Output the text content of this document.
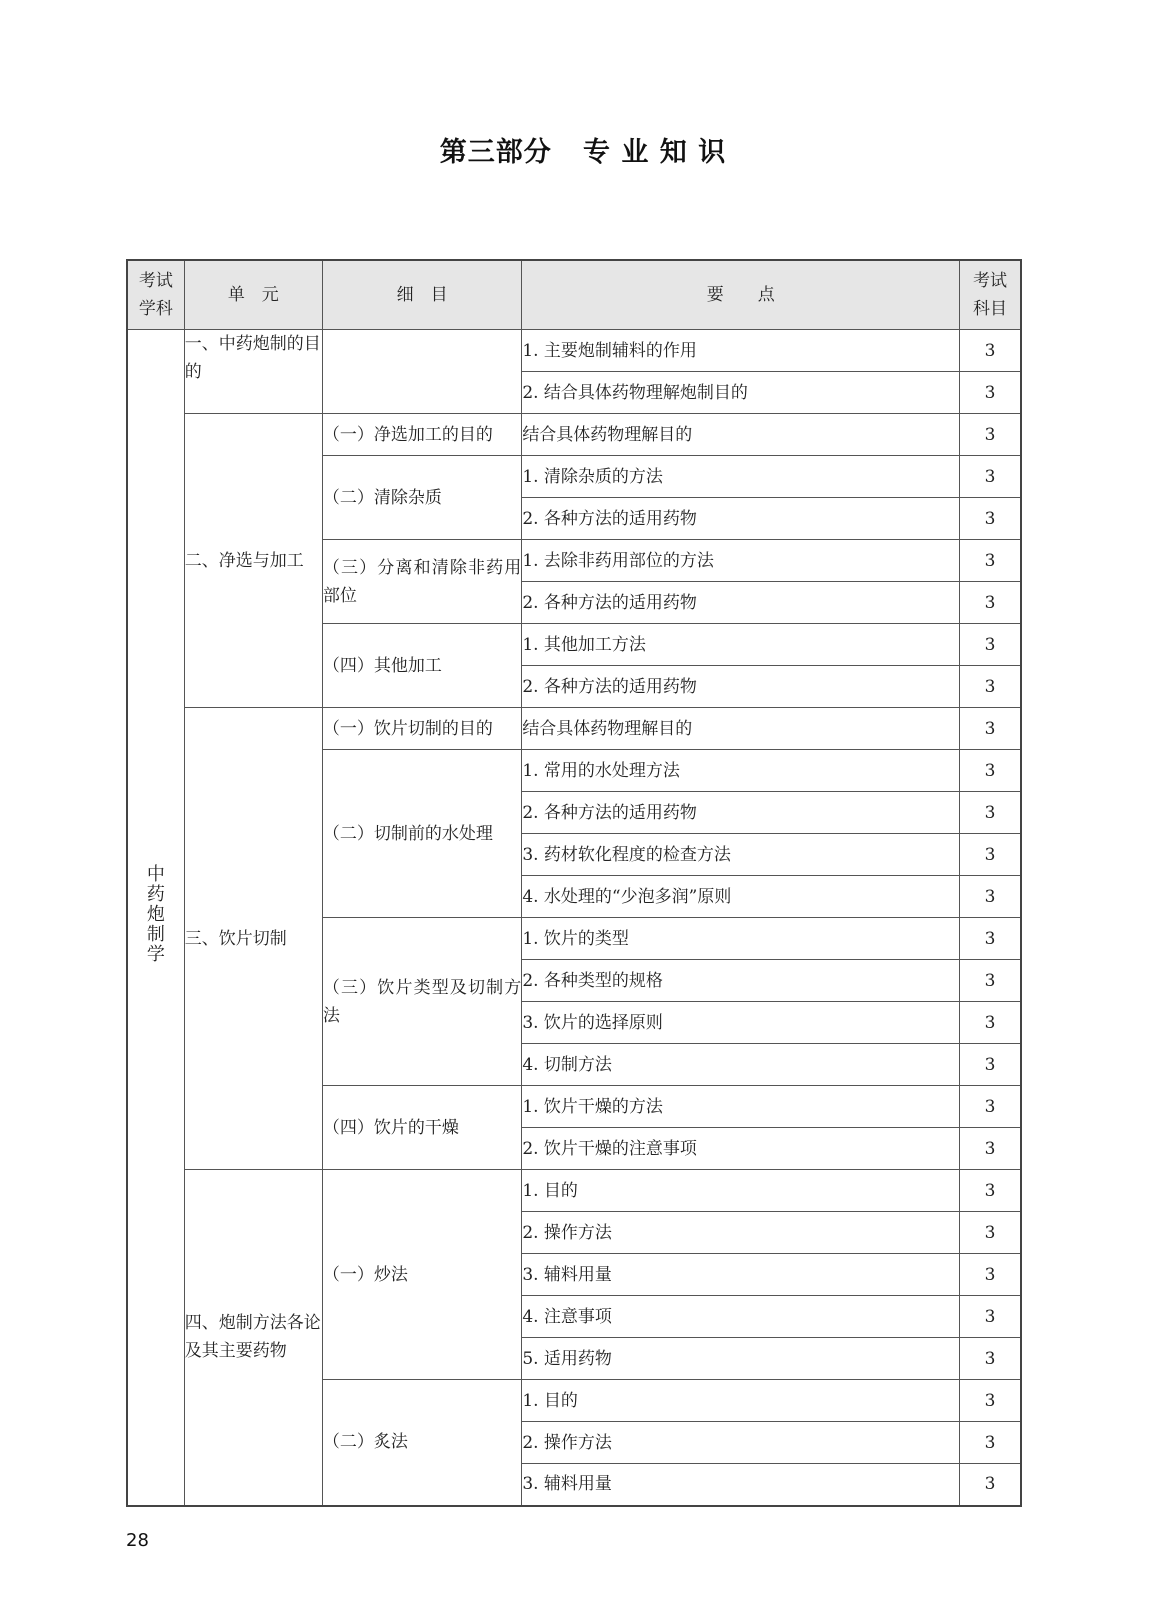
第三部分   专 业 知 识
考试
学科	单　元	细　目	要　　点	考试
科目
中药炮制学	一、中药炮制的目的		1. 主要炮制辅料的作用	3
			2. 结合具体药物理解炮制目的	3
	二、净选与加工	（一）净选加工的目的	结合具体药物理解目的	3
		（二）清除杂质	1. 清除杂质的方法	3
			2. 各种方法的适用药物	3
		（三）分离和清除非药用部位	1. 去除非药用部位的方法	3
			2. 各种方法的适用药物	3
		（四）其他加工	1. 其他加工方法	3
			2. 各种方法的适用药物	3
	三、饮片切制	（一）饮片切制的目的	结合具体药物理解目的	3
		（二）切制前的水处理	1. 常用的水处理方法	3
			2. 各种方法的适用药物	3
			3. 药材软化程度的检查方法	3
			4. 水处理的“少泡多润”原则	3
		（三）饮片类型及切制方法	1. 饮片的类型	3
			2. 各种类型的规格	3
			3. 饮片的选择原则	3
			4. 切制方法	3
		（四）饮片的干燥	1. 饮片干燥的方法	3
			2. 饮片干燥的注意事项	3
	四、炮制方法各论及其主要药物	（一）炒法	1. 目的	3
			2. 操作方法	3
			3. 辅料用量	3
			4. 注意事项	3
			5. 适用药物	3
		（二）炙法	1. 目的	3
			2. 操作方法	3
			3. 辅料用量	3
28
